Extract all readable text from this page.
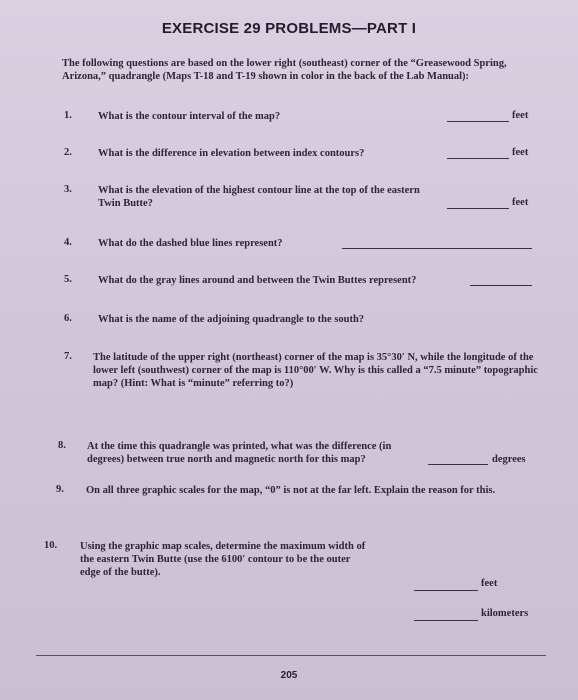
EXERCISE 29 PROBLEMS—PART I
The following questions are based on the lower right (southeast) corner of the “Greasewood Spring, Arizona,” quadrangle (Maps T-18 and T-19 shown in color in the back of the Lab Manual):
1. What is the contour interval of the map?	feet
2. What is the difference in elevation between index contours?	feet
3. What is the elevation of the highest contour line at the top of the eastern Twin Butte?	feet
4. What do the dashed blue lines represent?
5. What do the gray lines around and between the Twin Buttes represent?
6. What is the name of the adjoining quadrangle to the south?
7. The latitude of the upper right (northeast) corner of the map is 35°30′ N, while the longitude of the lower left (southwest) corner of the map is 110°00′ W. Why is this called a “7.5 minute” topographic map? (Hint: What is “minute” referring to?)
8. At the time this quadrangle was printed, what was the difference (in degrees) between true north and magnetic north for this map?	degrees
9. On all three graphic scales for the map, “0” is not at the far left. Explain the reason for this.
10. Using the graphic map scales, determine the maximum width of the eastern Twin Butte (use the 6100′ contour to be the outer edge of the butte).
feet
kilometers
205
